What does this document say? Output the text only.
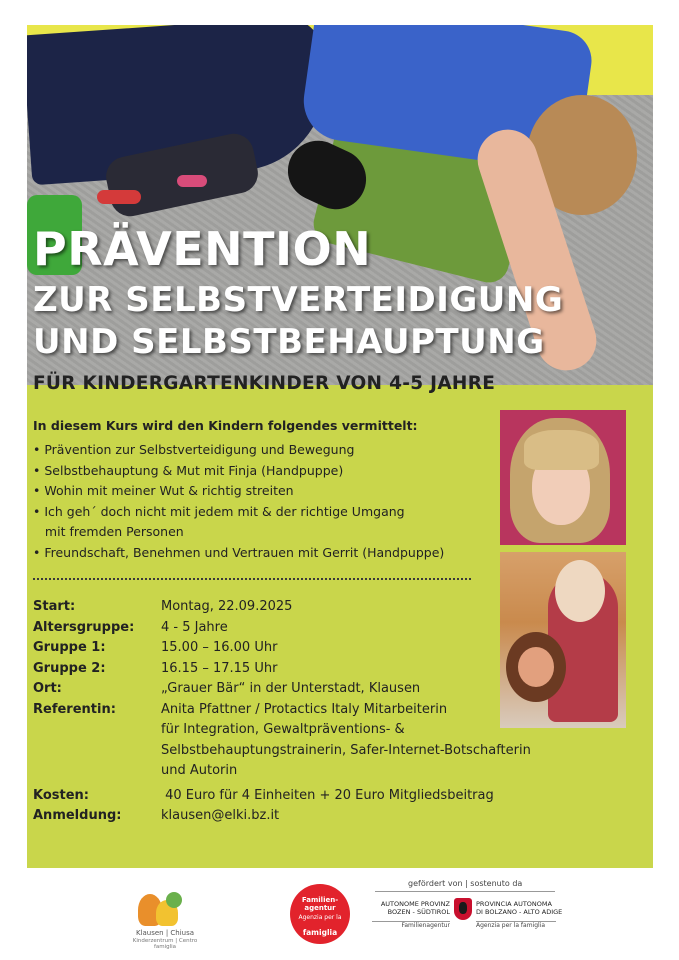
PRÄVENTION
ZUR SELBSTVERTEIDIGUNG
UND SELBSTBEHAUPTUNG
FÜR KINDERGARTENKINDER VON 4-5 JAHRE
In diesem Kurs wird den Kindern folgendes vermittelt:
• Prävention zur Selbstverteidigung und Bewegung
• Selbstbehauptung & Mut mit Finja (Handpuppe)
• Wohin mit meiner Wut & richtig streiten
• Ich geh´ doch nicht mit jedem mit & der richtige Umgang
mit fremden Personen
• Freundschaft, Benehmen und Vertrauen mit Gerrit (Handpuppe)
Start:	Montag, 22.09.2025
Altersgruppe:	4 - 5 Jahre
Gruppe 1:	15.00 – 16.00 Uhr
Gruppe 2:	16.15 – 17.15 Uhr
Ort:	„Grauer Bär“ in der Unterstadt, Klausen
Referentin:	Anita Pfattner / Protactics Italy Mitarbeiterin
für Integration, Gewaltpräventions- &
Selbstbehauptungstrainerin, Safer-Internet-Botschafterin
und Autorin
Kosten:	40 Euro für 4 Einheiten + 20 Euro Mitgliedsbeitrag
Anmeldung:	klausen@elki.bz.it
Klausen | Chiusa
Kinderzentrum | Centro famiglia
gefördert von | sostenuto da
Familien-
agentur
Agenzia per la
famiglia
AUTONOME PROVINZ
BOZEN - SÜDTIROL
Familienagentur
PROVINCIA AUTONOMA
DI BOLZANO - ALTO ADIGE
Agenzia per la famiglia
